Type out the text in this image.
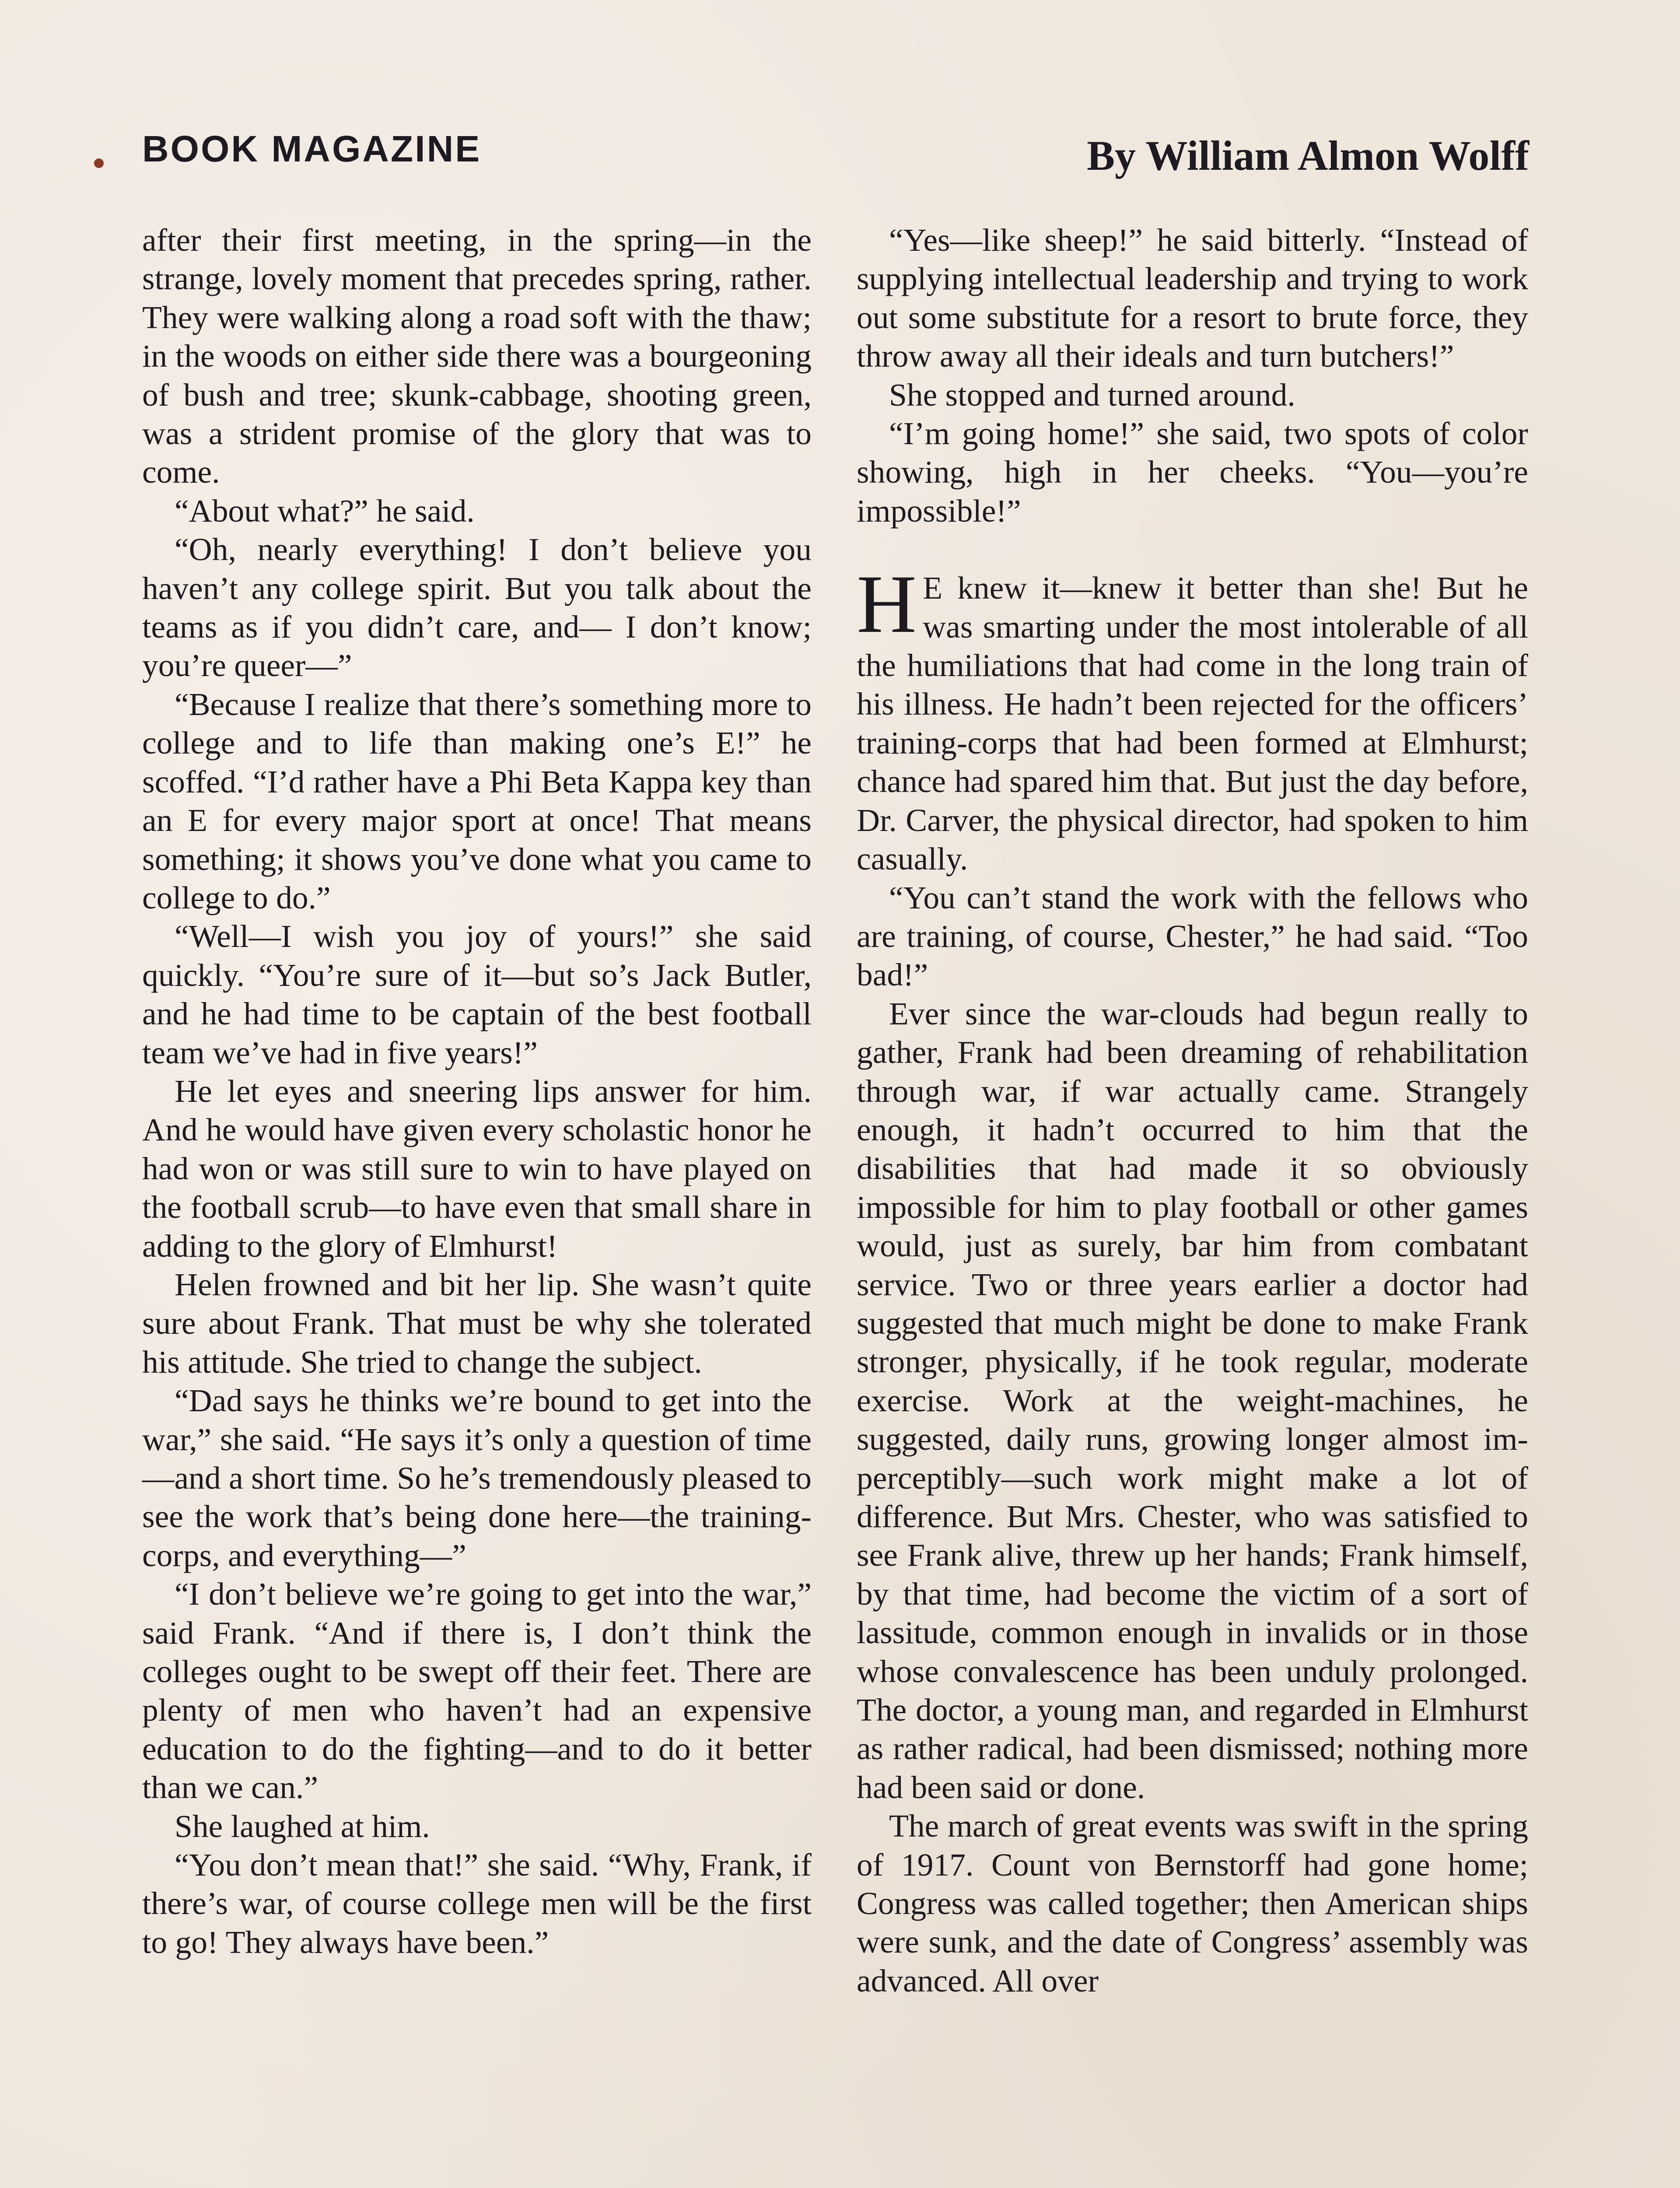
BOOK MAGAZINE	By William Almon Wolff

after their first meeting, in the spring—in the strange, lovely moment that precedes spring, rather. They were walking along a road soft with the thaw; in the woods on either side there was a bourgeoning of bush and tree; skunk-cabbage, shooting green, was a strident promise of the glory that was to come.

“About what?” he said.

“Oh, nearly everything! I don’t believe you haven’t any college spirit. But you talk about the teams as if you didn’t care, and— I don’t know; you’re queer—”

“Because I realize that there’s something more to college and to life than making one’s E!” he scoffed. “I’d rather have a Phi Beta Kappa key than an E for every major sport at once! That means something; it shows you’ve done what you came to college to do.”

“Well—I wish you joy of yours!” she said quickly. “You’re sure of it—but so’s Jack Butler, and he had time to be captain of the best football team we’ve had in five years!”

He let eyes and sneering lips answer for him. And he would have given every scholastic honor he had won or was still sure to win to have played on the football scrub—to have even that small share in adding to the glory of Elmhurst!

Helen frowned and bit her lip. She wasn’t quite sure about Frank. That must be why she tolerated his attitude. She tried to change the subject.

“Dad says he thinks we’re bound to get into the war,” she said. “He says it’s only a question of time—and a short time. So he’s tremendously pleased to see the work that’s being done here—the training-corps, and everything—”

“I don’t believe we’re going to get into the war,” said Frank. “And if there is, I don’t think the colleges ought to be swept off their feet. There are plenty of men who haven’t had an expensive education to do the fighting—and to do it better than we can.”

She laughed at him.

“You don’t mean that!” she said. “Why, Frank, if there’s war, of course college men will be the first to go! They always have been.”

“Yes—like sheep!” he said bitterly. “Instead of supplying intellectual leadership and trying to work out some substitute for a resort to brute force, they throw away all their ideals and turn butchers!”

She stopped and turned around.

“I’m going home!” she said, two spots of color showing, high in her cheeks. “You—you’re impossible!”

H E knew it—knew it better than she! But he was smarting under the most intolerable of all the humiliations that had come in the long train of his illness. He hadn’t been rejected for the officers’ training-corps that had been formed at Elmhurst; chance had spared him that. But just the day before, Dr. Carver, the physical director, had spoken to him casually.

“You can’t stand the work with the fellows who are training, of course, Chester,” he had said. “Too bad!”

Ever since the war-clouds had begun really to gather, Frank had been dreaming of rehabilitation through war, if war actually came. Strangely enough, it hadn’t occurred to him that the disabilities that had made it so obviously impossible for him to play football or other games would, just as surely, bar him from combatant service. Two or three years earlier a doctor had suggested that much might be done to make Frank stronger, physically, if he took regular, moderate exercise. Work at the weight-machines, he suggested, daily runs, growing longer almost imperceptibly—such work might make a lot of difference. But Mrs. Chester, who was satisfied to see Frank alive, threw up her hands; Frank himself, by that time, had become the victim of a sort of lassitude, common enough in invalids or in those whose convalescence has been unduly prolonged. The doctor, a young man, and regarded in Elmhurst as rather radical, had been dismissed; nothing more had been said or done.

The march of great events was swift in the spring of 1917. Count von Bernstorff had gone home; Congress was called together; then American ships were sunk, and the date of Congress’ assembly was advanced. All over
